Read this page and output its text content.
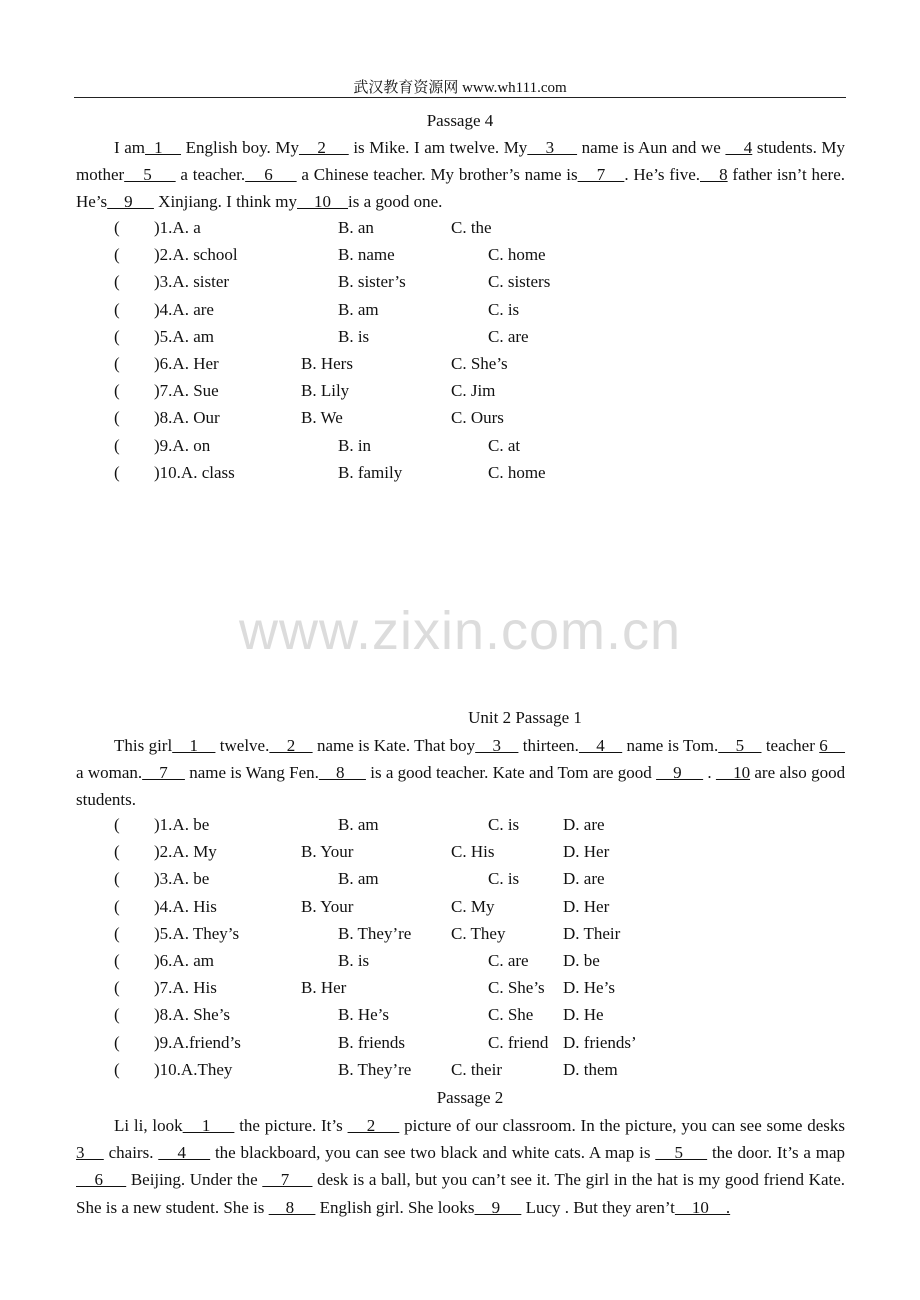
武汉教育资源网 www.wh111.com
www.zixin.com.cn
Passage 4
I am  1     English boy. My    2      is Mike. I am twelve. My    3      name is Aun and we     4 students. My mother    5      a teacher.    6      a Chinese teacher. My brother’s name is    7    . He’s five.    8 father isn’t here. He’s    9      Xinjiang. I think my    10    is a good one.
( )1.A. a	B. an	C. the
( )2.A. school	B. name	C. home
( )3.A. sister	B. sister’s	C. sisters
( )4.A. are	B. am	C. is
( )5.A. am	B. is	C. are
( )6.A. Her	B. Hers	C. She’s
( )7.A. Sue	B. Lily	C. Jim
( )8.A. Our	B. We	C. Ours
( )9.A. on	B. in	C. at
( )10.A. class	B. family	C. home
Unit 2 Passage 1
This girl    1     twelve.    2     name is Kate. That boy    3     thirteen.    4     name is Tom.    5     teacher 6     a woman.    7     name is Wang Fen.    8      is a good teacher. Kate and Tom are good     9      .     10 are also good students.
( )1.A. be	B. am	C. is	D. are
( )2.A. My	B. Your	C. His	D. Her
( )3.A. be	B. am	C. is	D. are
( )4.A. His	B. Your	C. My	D. Her
( )5.A. They’s	B. They’re C. They	D. Their
( )6.A. am	B. is	C. are D. be
( )7.A. His	B. Her	C. She’s D. He’s
( )8.A. She’s	B. He’s	C. She D. He
( )9.A.friend’s	B. friends	C. friend D. friends’
( )10.A.They	B. They’re C. their	D. them
Passage 2
Li li, look    1      the picture. It’s     2      picture of our classroom. In the picture, you can see some desks 3     chairs.     4      the blackboard, you can see two black and white cats. A map is     5      the door. It’s a map     6      Beijing. Under the     7      desk is a ball, but you can’t see it. The girl in the hat is my good friend Kate. She is a new student. She is     8      English girl. She looks    9      Lucy . But they aren’t    10    .
